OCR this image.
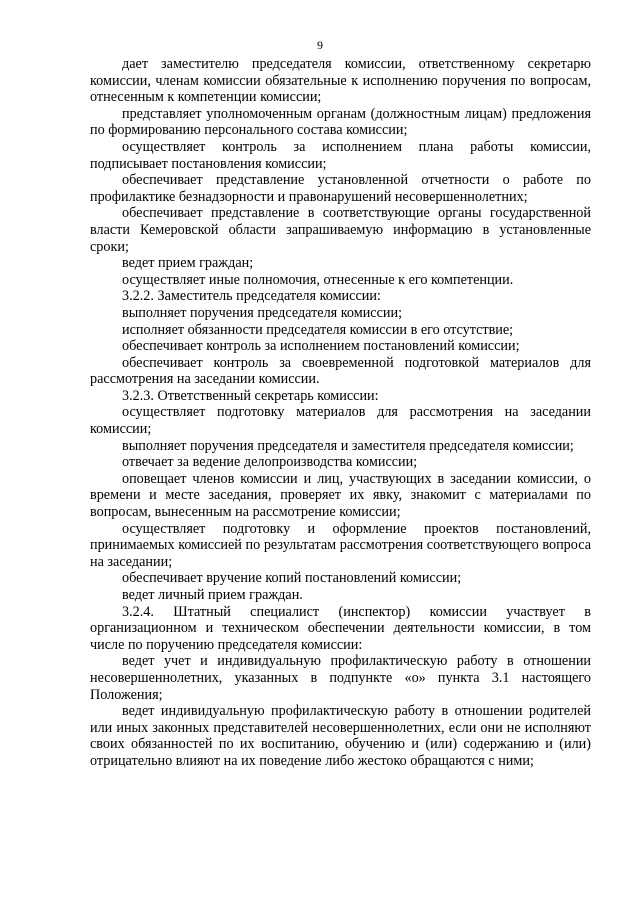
9

дает заместителю председателя комиссии, ответственному секретарю комиссии, членам комиссии обязательные к исполнению поручения по вопросам, отнесенным к компетенции комиссии;

представляет уполномоченным органам (должностным лицам) предложения по формированию персонального состава комиссии;

осуществляет контроль за исполнением плана работы комиссии, подписывает постановления комиссии;

обеспечивает представление установленной отчетности о работе по профилактике безнадзорности и правонарушений несовершеннолетних;

обеспечивает представление в соответствующие органы государственной власти Кемеровской области запрашиваемую информацию в установленные сроки;

ведет прием граждан;

осуществляет иные полномочия, отнесенные к его компетенции.

3.2.2. Заместитель председателя комиссии:

выполняет поручения председателя комиссии;

исполняет обязанности председателя комиссии в его отсутствие;

обеспечивает контроль за исполнением постановлений комиссии;

обеспечивает контроль за своевременной подготовкой материалов для рассмотрения на заседании комиссии.

3.2.3. Ответственный секретарь комиссии:

осуществляет подготовку материалов для рассмотрения на заседании комиссии;

выполняет поручения председателя и заместителя председателя комиссии;

отвечает за ведение делопроизводства комиссии;

оповещает членов комиссии и лиц, участвующих в заседании комиссии, о времени и месте заседания, проверяет их явку, знакомит с материалами по вопросам, вынесенным на рассмотрение комиссии;

осуществляет подготовку и оформление проектов постановлений, принимаемых комиссией по результатам рассмотрения соответствующего вопроса на заседании;

обеспечивает вручение копий постановлений комиссии;

ведет личный прием граждан.

3.2.4. Штатный специалист (инспектор) комиссии участвует в организационном и техническом обеспечении деятельности комиссии, в том числе по поручению председателя комиссии:

ведет учет и индивидуальную профилактическую работу в отношении несовершеннолетних, указанных в подпункте «о» пункта 3.1 настоящего Положения;

ведет индивидуальную профилактическую работу в отношении родителей или иных законных представителей несовершеннолетних, если они не исполняют своих обязанностей по их воспитанию, обучению и (или) содержанию и (или) отрицательно влияют на их поведение либо жестоко обращаются с ними;
